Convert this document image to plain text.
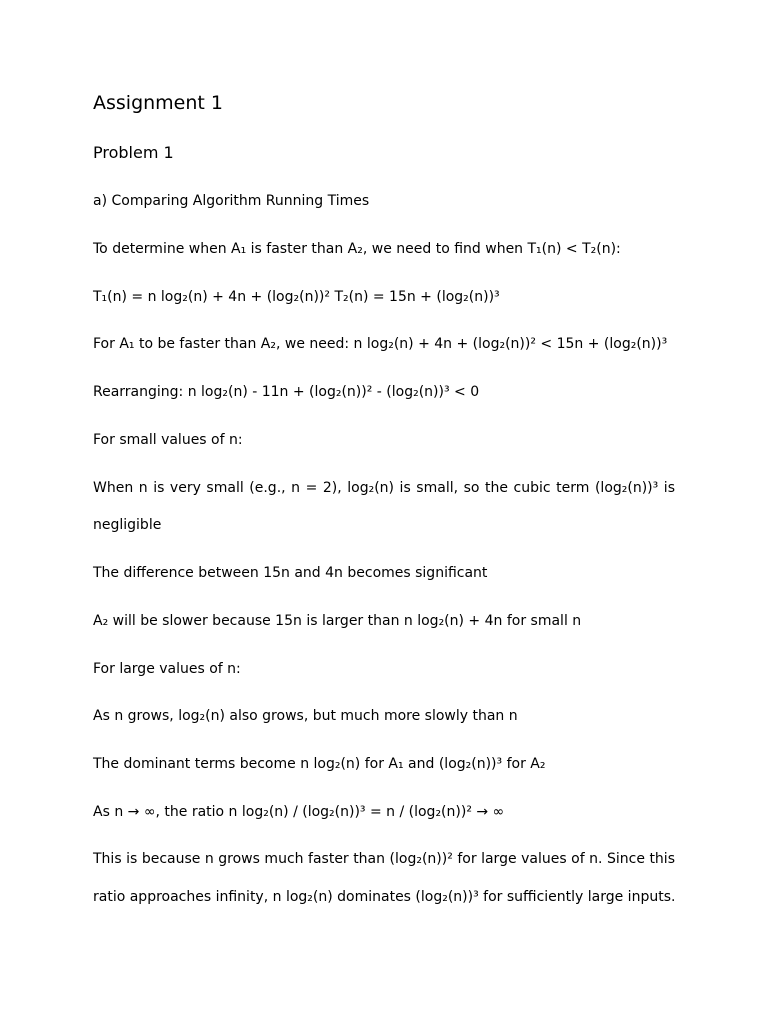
Assignment 1
Problem 1

a) Comparing Algorithm Running Times

To determine when A₁ is faster than A₂, we need to find when T₁(n) < T₂(n):

T₁(n) = n log₂(n) + 4n + (log₂(n))² T₂(n) = 15n + (log₂(n))³

For A₁ to be faster than A₂, we need: n log₂(n) + 4n + (log₂(n))² < 15n + (log₂(n))³

Rearranging: n log₂(n) - 11n + (log₂(n))² - (log₂(n))³ < 0

For small values of n:

When n is very small (e.g., n = 2), log₂(n) is small, so the cubic term (log₂(n))³ is

negligible

The difference between 15n and 4n becomes significant

A₂ will be slower because 15n is larger than n log₂(n) + 4n for small n

For large values of n:

As n grows, log₂(n) also grows, but much more slowly than n

The dominant terms become n log₂(n) for A₁ and (log₂(n))³ for A₂

As n → ∞, the ratio n log₂(n) / (log₂(n))³ = n / (log₂(n))² → ∞

This is because n grows much faster than (log₂(n))² for large values of n. Since this

ratio approaches infinity, n log₂(n) dominates (log₂(n))³ for sufficiently large inputs.
